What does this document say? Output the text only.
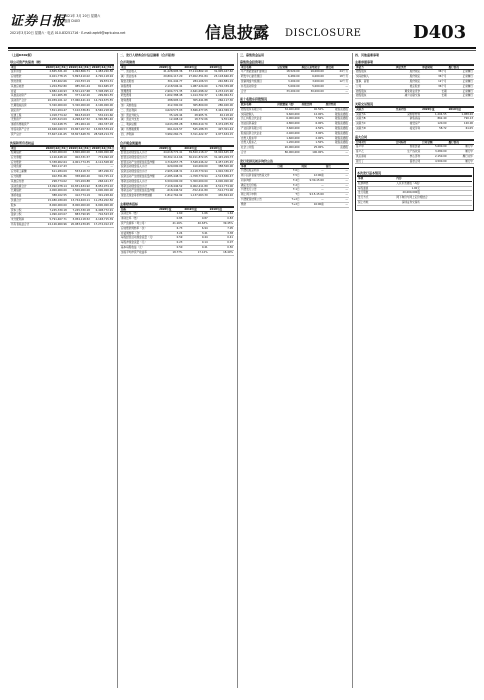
证券日报
2021年 3月 20日 星期六
版面 D403
2021年3月20日 星期六 · 电话 010-83251716 · E-mail:zqrb9@zqrb.sina.net	信息披露 DISCLOSURE	D403
（上接D402版）
母公司资产负债表（续）
项目	2020年12月31日	2019年12月31日	2018年12月31日
货币资金	2,845,321.20	1,992,806.71	1,483,220.56
应收账款	6,401,778.15	5,893,410.02	4,720,118.94
预付款项	183,402.66	210,553.19	99,874.31
其他应收款	1,204,552.80	985,301.44	812,665.07
存货	9,882,140.93	8,501,227.68	7,308,995.12
其他流动资产	421,905.38	377,142.20	299,801.55
流动资产合计	20,939,101.12	17,960,441.24	14,724,675.55
长期股权投资	5,320,000.00	5,320,000.00	4,100,000.00
固定资产	7,811,204.47	7,102,336.81	6,540,218.90
在建工程	1,018,774.22	864,519.03	532,101.66
无形资产	2,205,613.09	2,298,447.52	2,390,881.40
递延所得税资产	312,448.75	281,904.16	240,337.28
非流动资产合计	16,668,040.53	15,867,207.52	13,803,539.24
资产总计	37,607,141.65	33,827,648.76	28,528,214.79
负债和所有者权益
项目	2020年12月31日	2019年12月31日	2018年12月31日
短期借款	4,500,000.00	3,800,000.00	3,000,000.00
应付票据	1,120,448.10	902,331.57	774,092.18
应付账款	5,338,902.64	4,901,774.35	4,112,508.90
合同负债	820,117.43	—	—
应付职工薪酬	611,284.09	553,418.72	487,206.31
应交税费	402,551.86	358,900.40	310,725.14
其他应付款	298,774.02	315,209.88	268,441.57
流动负债合计	13,092,078.14	10,831,634.92	8,952,974.10
长期借款	2,000,000.00	2,500,000.00	2,000,000.00
递延收益	388,102.55	412,774.19	301,228.46
负债合计	15,480,180.69	13,744,409.11	11,254,202.56
股本	8,000,000.00	8,000,000.00	6,000,000.00
资本公积	7,245,330.18	7,245,330.18	6,408,772.91
盈余公积	1,090,163.07	883,790.95	716,523.93
未分配利润	5,791,467.71	3,954,118.52	4,148,715.39
所有者权益合计	22,126,960.96	20,083,239.65	17,274,012.23
二、发行人财务会计信息摘要（合并报表）
合并利润表
项目	2020年度	2019年度	2018年度
一、营业收入	41,228,905.36	37,114,802.19	31,905,447.62
减：营业成本	29,804,117.20	27,002,351.84	23,118,660.45
税金及附加	301,442.77	284,106.53	240,881.19
销售费用	2,118,506.41	1,987,224.60	1,702,339.08
管理费用	2,904,771.35	2,641,098.22	2,233,415.96
研发费用	1,602,388.48	1,414,702.37	1,180,064.51
财务费用	288,905.12	305,441.88	266,117.30
加：其他收益	412,300.00	365,800.00	280,400.00
二、营业利润	4,620,573.03	3,846,477.05	3,444,369.13
加：营业外收入	35,120.44	28,905.71	40,118.26
减：营业外支出	12,408.19	18,772.06	9,551.80
三、利润总额	4,643,285.28	3,856,610.70	3,474,935.59
减：所得税费用	661,024.57	545,188.33	497,301.44
四、净利润	3,982,260.71	3,311,422.37	2,977,634.15
合并现金流量表
项目	2020年度	2019年度	2018年度
经营活动现金流入小计	44,018,772.41	39,560,118.27	33,902,645.18
经营活动现金流出小计	39,302,114.66	36,011,872.05	31,445,209.73
经营活动产生的现金流量净额	4,716,657.75	3,548,246.22	2,457,435.45
投资活动现金流入小计	620,000.00	410,000.00	388,500.00
投资活动现金流出小计	2,905,448.31	2,118,770.94	1,902,336.47
投资活动产生的现金流量净额	-2,285,448.31	-1,708,770.94	-1,513,836.47
筹资活动现金流入小计	6,500,000.00	5,300,000.00	4,000,000.00
筹资活动现金流出小计	7,118,446.52	6,002,411.89	4,512,774.06
筹资活动产生的现金流量净额	-618,446.52	-702,411.89	-512,774.06
现金及现金等价物净增加额	1,812,762.92	1,137,063.39	430,824.92
主要财务指标
指标	2020年度	2019年度	2018年度
流动比率（倍）	1.60	1.66	1.64
速动比率（倍）	0.85	0.87	0.83
资产负债率（母公司）	41.16%	40.63%	39.45%
应收账款周转率（次）	6.73	6.94	7.05
存货周转率（次）	3.24	3.41	3.38
每股经营活动现金流量（元）	0.59	0.44	0.41
每股净现金流量（元）	0.23	0.14	0.07
基本每股收益（元）	0.50	0.41	0.50
加权平均净资产收益率	18.77%	17.12%	18.40%
三、募集资金运用
募集资金投资项目
项目名称	总投资额	拟投入募集资金	建设期
年产智能装备扩建项目	18,520.00	16,000.00	24个月
研发中心建设项目	6,480.00	6,000.00	18个月
营销网络升级项目	3,200.00	3,000.00	12个月
补充流动资金	5,000.00	5,000.00	—
合计	33,200.00	30,000.00	—
前十名股东持股情况
股东名称	持股数量（股）	持股比例	股份性质
控股股东有限公司	32,400,000	40.50%	限售流通股
实际控制人	9,600,000	12.00%	限售流通股
员工持股合伙企业	6,000,000	7.50%	限售流通股
创业投资基金	4,800,000	6.00%	限售流通股
产业投资有限公司	3,600,000	4.50%	限售流通股
股权投资合伙企业	2,400,000	3.00%	限售流通股
自然人股东甲	1,600,000	2.00%	限售流通股
自然人股东乙	1,200,000	1.50%	限售流通股
社会公众股	20,000,000	25.00%	流通股
合计	80,000,000	100.00%	—
发行安排及初步询价公告
事项	日期	时间	备注
刊登招股意向书	T-6日	—	—
网下投资者提交核查文件	T-5日	12:00前	—
初步询价	T-4日	9:30-15:00	—
确定发行价格	T-2日	—	—
刊登发行公告	T-1日	—	—
网上网下申购	T日	9:15-15:00	—
刊登配售结果公告	T+2日	—	—
缴款	T+2日	16:00前	—
四、其他重要事项
主要承诺事项
承诺方	承诺类型	承诺期限	履行情况
控股股东	股份锁定	36个月	正常履行
实际控制人	股份锁定	36个月	正常履行
董事、高管	股份锁定	12个月	正常履行
公司	稳定股价	36个月	正常履行
控股股东	避免同业竞争	长期	正常履行
控股股东	减少关联交易	长期	正常履行
关联交易情况
关联方	交易内容	2020年度	2019年度
关联方A	采购原材料	1,204.55	1,088.20
关联方B	销售商品	862.40	790.13
关联方C	租赁房产	120.00	120.00
关联方D	接受劳务	58.72	61.05
重大合同
合同对方	合同标的	合同金额	履行情况
客户甲	智能装备	5,600.00	履行中
客户乙	生产线改造	3,280.00	履行中
供应商丙	核心部件	2,150.00	履行完毕
银行丁	借款合同	4,500.00	履行中
本次发行基本情况
事项	内容		
股票种类	人民币普通股（A股）		
每股面值	1.00元		
发行股数	20,000,000股		
发行方式	网下询价与网上定价相结合		
拟上市地	深圳证券交易所		
